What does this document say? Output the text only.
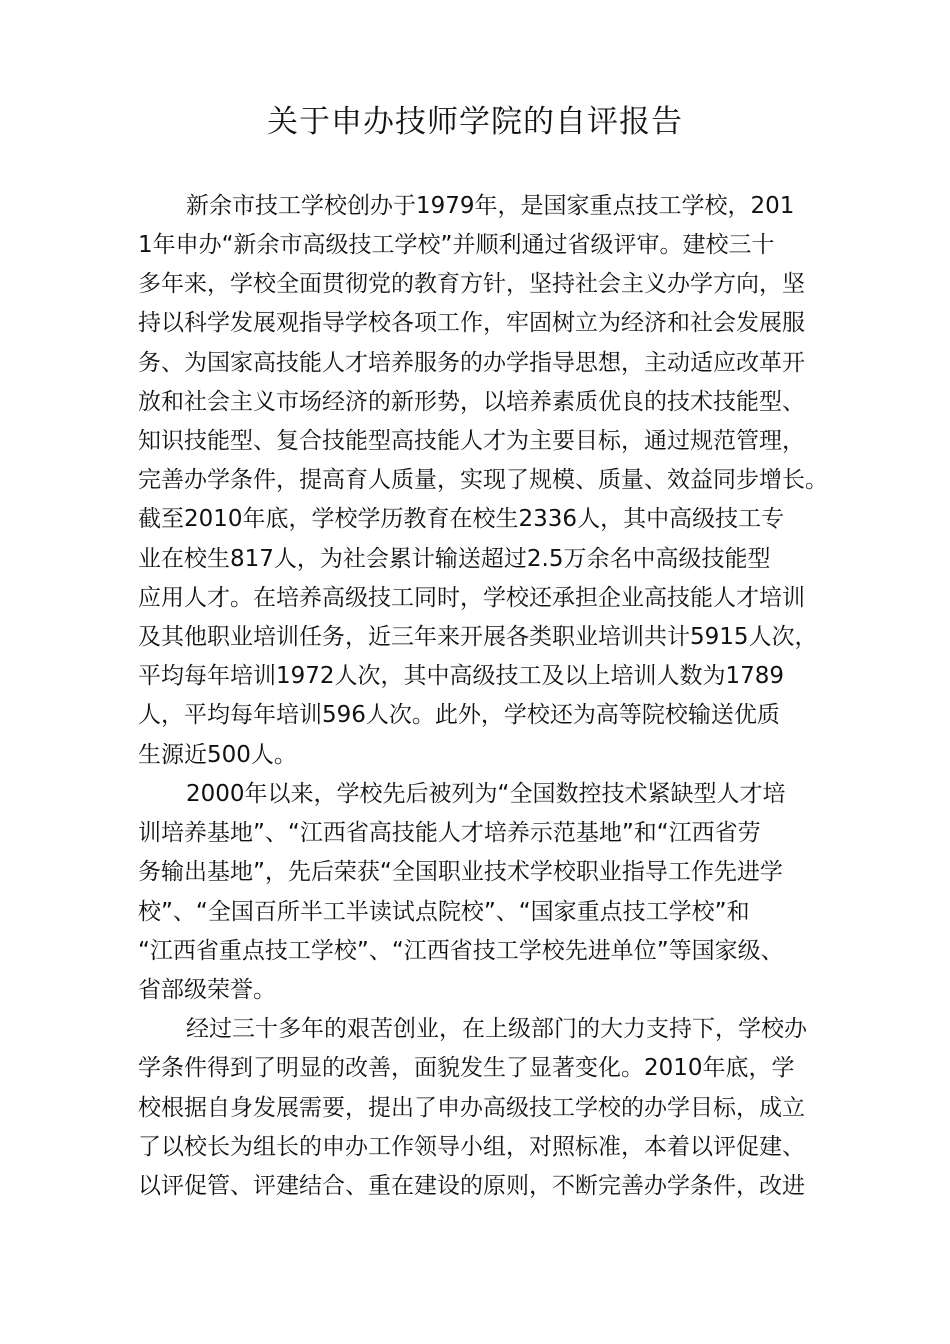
关于申办技师学院的自评报告
新余市技工学校创办于1979年，是国家重点技工学校，201
1年申办“新余市高级技工学校”并顺利通过省级评审。建校三十
多年来，学校全面贯彻党的教育方针，坚持社会主义办学方向，坚
持以科学发展观指导学校各项工作，牢固树立为经济和社会发展服
务、为国家高技能人才培养服务的办学指导思想，主动适应改革开
放和社会主义市场经济的新形势，以培养素质优良的技术技能型、
知识技能型、复合技能型高技能人才为主要目标，通过规范管理，
完善办学条件，提高育人质量，实现了规模、质量、效益同步增长。
截至2010年底，学校学历教育在校生2336人，其中高级技工专
业在校生817人，为社会累计输送超过2.5万余名中高级技能型
应用人才。在培养高级技工同时，学校还承担企业高技能人才培训
及其他职业培训任务，近三年来开展各类职业培训共计5915人次，
平均每年培训1972人次，其中高级技工及以上培训人数为1789
人，平均每年培训596人次。此外，学校还为高等院校输送优质
生源近500人。
2000年以来，学校先后被列为“全国数控技术紧缺型人才培
训培养基地”、“江西省高技能人才培养示范基地”和“江西省劳
务输出基地”，先后荣获“全国职业技术学校职业指导工作先进学
校”、“全国百所半工半读试点院校”、“国家重点技工学校”和
“江西省重点技工学校”、“江西省技工学校先进单位”等国家级、
省部级荣誉。
经过三十多年的艰苦创业，在上级部门的大力支持下，学校办
学条件得到了明显的改善，面貌发生了显著变化。2010年底，学
校根据自身发展需要，提出了申办高级技工学校的办学目标，成立
了以校长为组长的申办工作领导小组，对照标准，本着以评促建、
以评促管、评建结合、重在建设的原则，不断完善办学条件，改进
